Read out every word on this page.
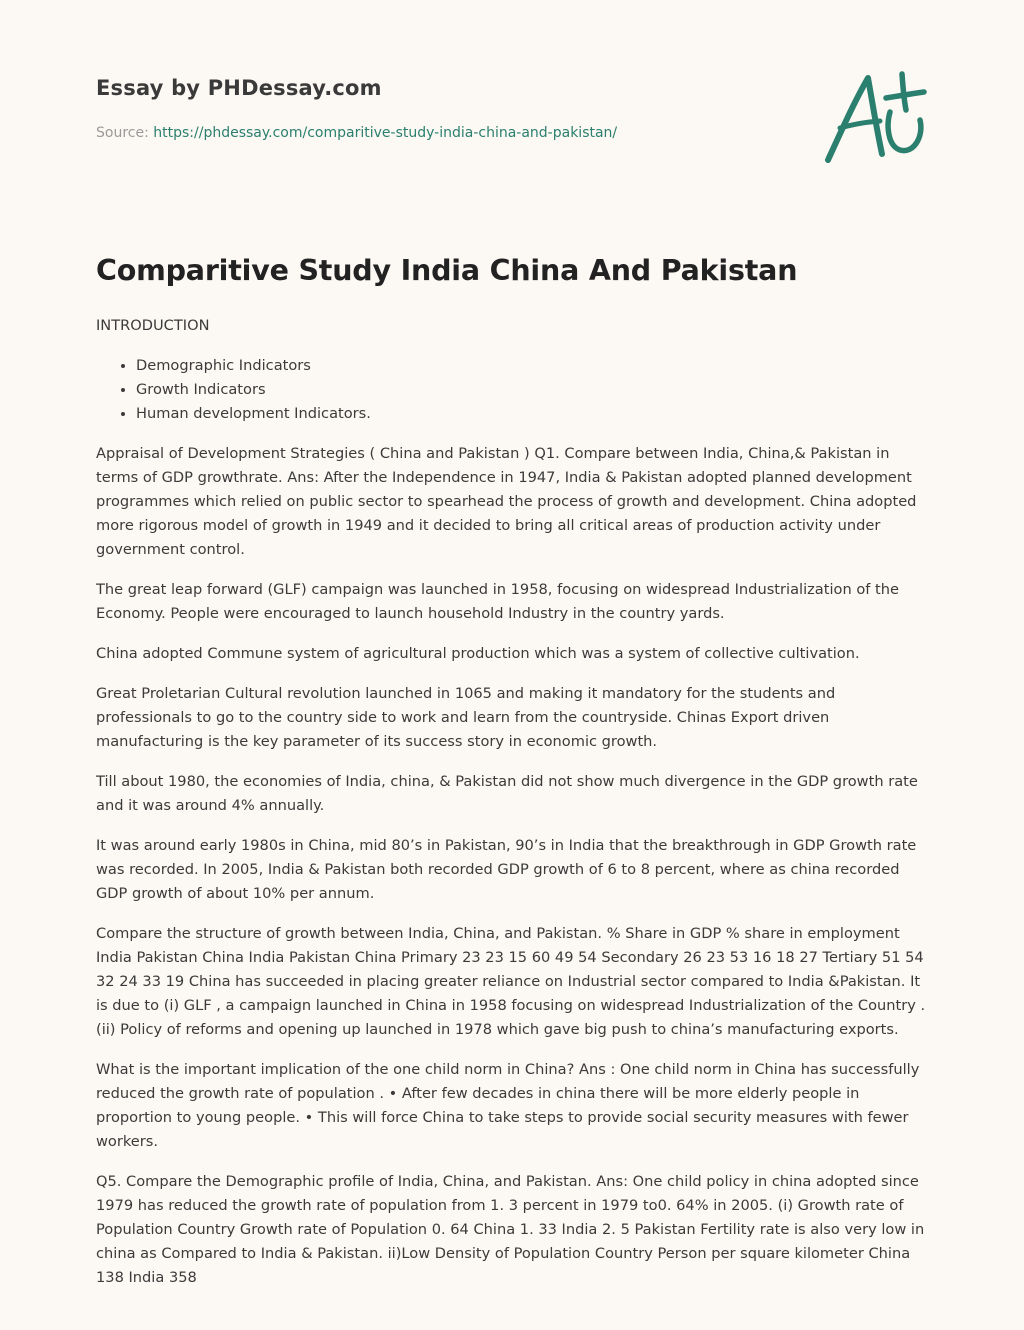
Essay by PHDessay.com
Source: https://phdessay.com/comparitive-study-india-china-and-pakistan/
Comparitive Study India China And Pakistan

INTRODUCTION

• Demographic Indicators
• Growth Indicators
• Human development Indicators.

Appraisal of Development Strategies ( China and Pakistan ) Q1. Compare between India, China,& Pakistan in terms of GDP growthrate. Ans: After the Independence in 1947, India & Pakistan adopted planned development programmes which relied on public sector to spearhead the process of growth and development. China adopted more rigorous model of growth in 1949 and it decided to bring all critical areas of production activity under government control.

The great leap forward (GLF) campaign was launched in 1958, focusing on widespread Industrialization of the Economy. People were encouraged to launch household Industry in the country yards.

China adopted Commune system of agricultural production which was a system of collective cultivation.

Great Proletarian Cultural revolution launched in 1065 and making it mandatory for the students and professionals to go to the country side to work and learn from the countryside. Chinas Export driven manufacturing is the key parameter of its success story in economic growth.

Till about 1980, the economies of India, china, & Pakistan did not show much divergence in the GDP growth rate and it was around 4% annually.

It was around early 1980s in China, mid 80’s in Pakistan, 90’s in India that the breakthrough in GDP Growth rate was recorded. In 2005, India & Pakistan both recorded GDP growth of 6 to 8 percent, where as china recorded GDP growth of about 10% per annum.

Compare the structure of growth between India, China, and Pakistan. % Share in GDP % share in employment India Pakistan China India Pakistan China Primary 23 23 15 60 49 54 Secondary 26 23 53 16 18 27 Tertiary 51 54 32 24 33 19 China has succeeded in placing greater reliance on Industrial sector compared to India &Pakistan. It is due to (i) GLF , a campaign launched in China in 1958 focusing on widespread Industrialization of the Country . (ii) Policy of reforms and opening up launched in 1978 which gave big push to china’s manufacturing exports.

What is the important implication of the one child norm in China? Ans : One child norm in China has successfully reduced the growth rate of population . • After few decades in china there will be more elderly people in proportion to young people. • This will force China to take steps to provide social security measures with fewer workers.

Q5. Compare the Demographic profile of India, China, and Pakistan. Ans: One child policy in china adopted since 1979 has reduced the growth rate of population from 1. 3 percent in 1979 to0. 64% in 2005. (i) Growth rate of Population Country Growth rate of Population 0. 64 China 1. 33 India 2. 5 Pakistan Fertility rate is also very low in china as Compared to India & Pakistan. ii)Low Density of Population Country Person per square kilometer China 138 India 358
